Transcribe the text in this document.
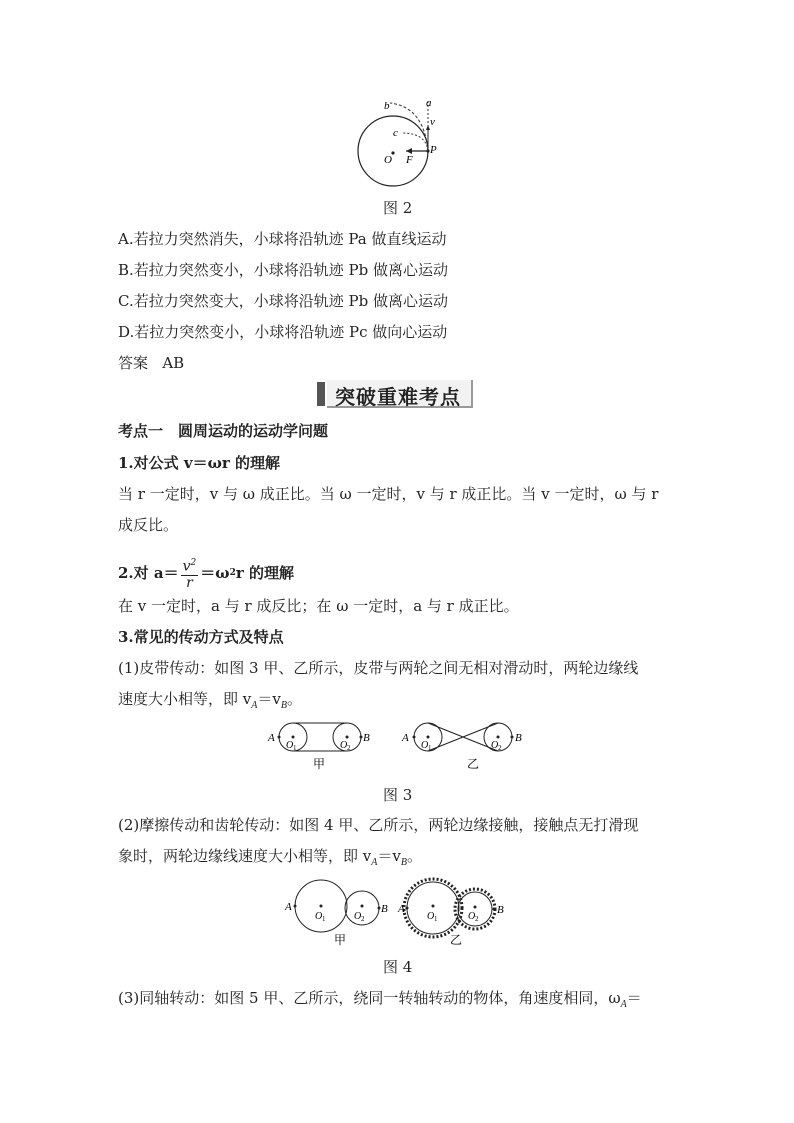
a
b
v
c
O F
P
图 2
A.若拉力突然消失，小球将沿轨迹 Pa 做直线运动
B.若拉力突然变小，小球将沿轨迹 Pb 做离心运动
C.若拉力突然变大，小球将沿轨迹 Pb 做离心运动
D.若拉力突然变小，小球将沿轨迹 Pc 做向心运动
答案 AB
突破重难考点
考点一　圆周运动的运动学问题
1.对公式 v＝ωr 的理解
当 r 一定时，v 与 ω 成正比。当 ω 一定时，v 与 r 成正比。当 v 一定时，ω 与 r
成反比。
2.对 $a= v^2$
r
＝ω 2 r 的理解
在 v 一定时，a 与 r 成反比；在 ω 一定时，a 与 r 成正比。
3.常见的传动方式及特点
(1)皮带传动：如图 3 甲、乙所示，皮带与两轮之间无相对滑动时，两轮边缘线
速度大小相等，即 $v_A=v_B$。
A	B
O 1	O 2
甲
A	B
O 1	O 2
乙
图 3
(2)摩擦传动和齿轮传动：如图 4 甲、乙所示，两轮边缘接触，接触点无打滑现
象时，两轮边缘线速度大小相等，即 $v_A=v_B$。
A	B
O 1	O 2
甲
A	B
O 1	O 2
乙
图 4
(3)同轴转动：如图 5 甲、乙所示，绕同一转轴转动的物体，角速度相同，$\omega_A=$
